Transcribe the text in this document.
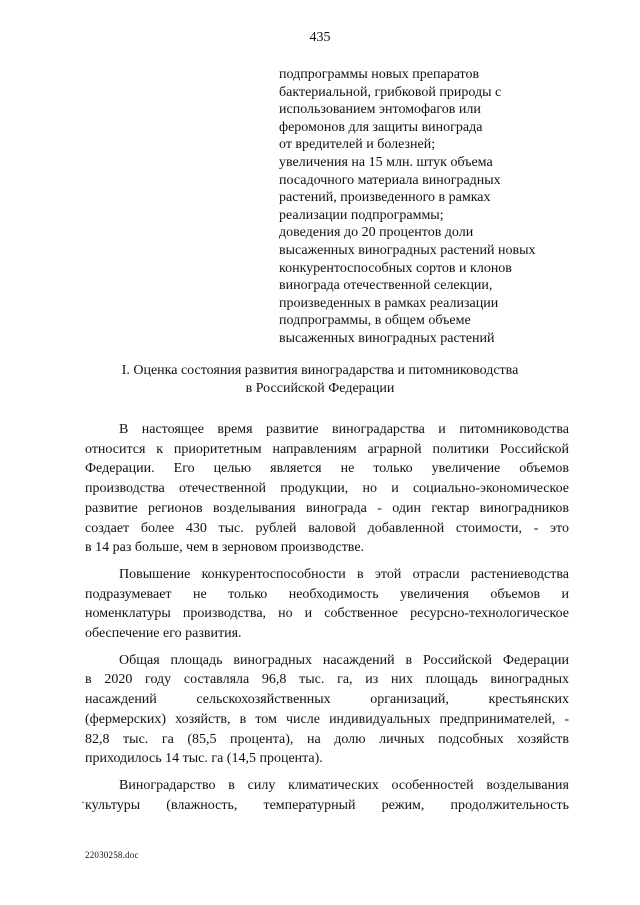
435
подпрограммы новых препаратов
бактериальной, грибковой природы с
использованием энтомофагов или
феромонов для защиты винограда
от вредителей и болезней;
увеличения на 15 млн. штук объема
посадочного материала виноградных
растений, произведенного в рамках
реализации подпрограммы;
доведения до 20 процентов доли
высаженных виноградных растений новых
конкурентоспособных сортов и клонов
винограда отечественной селекции,
произведенных в рамках реализации
подпрограммы, в общем объеме
высаженных виноградных растений
I. Оценка состояния развития виноградарства и питомниководства
в Российской Федерации
В настоящее время развитие виноградарства и питомниководства
относится к приоритетным направлениям аграрной политики Российской
Федерации. Его целью является не только увеличение объемов
производства отечественной продукции, но и социально-экономическое
развитие регионов возделывания винограда - один гектар виноградников
создает более 430 тыс. рублей валовой добавленной стоимости, - это
в 14 раз больше, чем в зерновом производстве.
Повышение конкурентоспособности в этой отрасли растениеводства
подразумевает не только необходимость увеличения объемов и
номенклатуры производства, но и собственное ресурсно-технологическое
обеспечение его развития.
Общая площадь виноградных насаждений в Российской Федерации
в 2020 году составляла 96,8 тыс. га, из них площадь виноградных
насаждений сельскохозяйственных организаций, крестьянских
(фермерских) хозяйств, в том числе индивидуальных предпринимателей, -
82,8 тыс. га (85,5 процента), на долю личных подсобных хозяйств
приходилось 14 тыс. га (14,5 процента).
Виноградарство в силу климатических особенностей возделывания
культуры (влажность, температурный режим, продолжительность
·
22030258.doc
